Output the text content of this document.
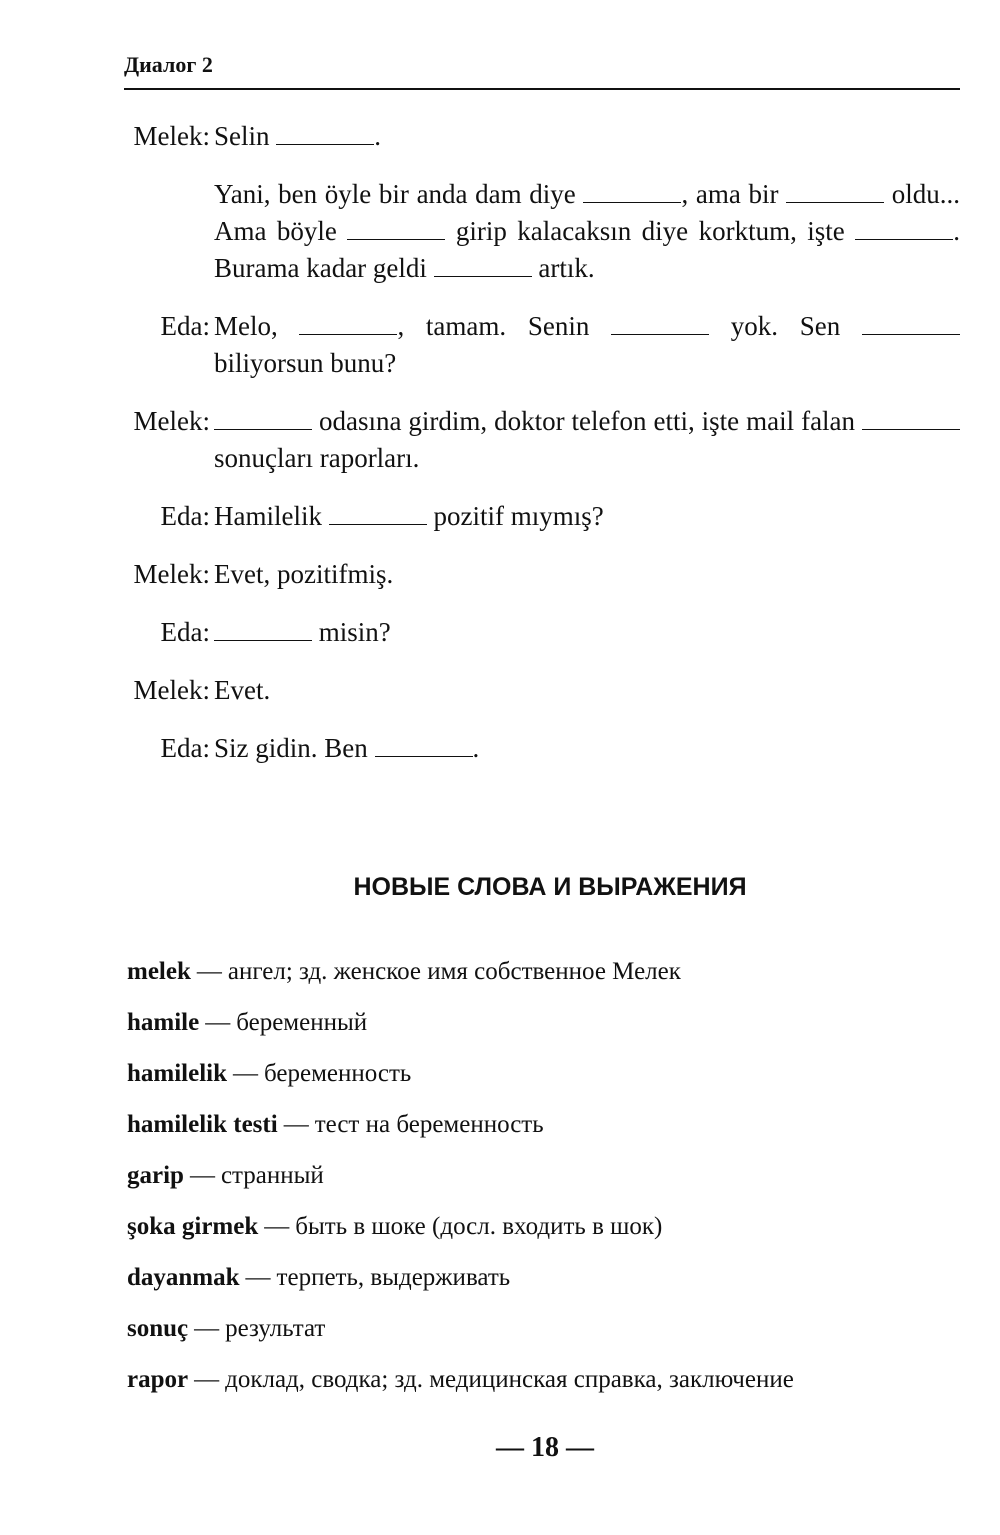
Диалог 2
Melek: Selin	.
Yani, ben öyle bir anda dam diye	, ama bir	oldu... Ama böyle	girip kalacaksın diye korktum, işte	. Burama kadar geldi	artık.
Eda: Melo,	, tamam. Senin	yok. Sen  biliyorsun bunu?
Melek:	odasına girdim, doktor telefon etti, işte mail falan  sonuçları raporları.
Eda: Hamilelik	pozitif mıymış?
Melek: Evet, pozitifmiş.
Eda:	misin?
Melek: Evet.
Eda: Siz gidin. Ben	.
НОВЫЕ СЛОВА И ВЫРАЖЕНИЯ
melek — ангел; зд. женское имя собственное Мелек
hamile — беременный
hamilelik — беременность
hamilelik testi — тест на беременность
garip — странный
şoka girmek — быть в шоке (досл. входить в шок)
dayanmak — терпеть, выдерживать
sonuç — результат
rapor — доклад, сводка; зд. медицинская справка, заключение
— 18 —
